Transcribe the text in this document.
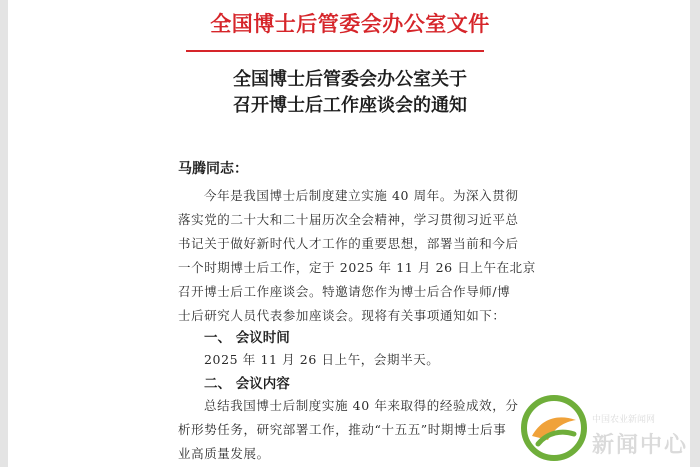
全国博士后管委会办公室文件
全国博士后管委会办公室关于
召开博士后工作座谈会的通知
马腾同志：
今年是我国博士后制度建立实施 40 周年。为深入贯彻
落实党的二十大和二十届历次全会精神，学习贯彻习近平总
书记关于做好新时代人才工作的重要思想，部署当前和今后
一个时期博士后工作，定于 2025 年 11 月 26 日上午在北京
召开博士后工作座谈会。特邀请您作为博士后合作导师/博
士后研究人员代表参加座谈会。现将有关事项通知如下：
一、 会议时间
2025 年 11 月 26 日上午，会期半天。
二、 会议内容
总结我国博士后制度实施 40 年来取得的经验成效，分
析形势任务，研究部署工作，推动“十五五”时期博士后事
业高质量发展。
中国农业新闻网
新闻中心
